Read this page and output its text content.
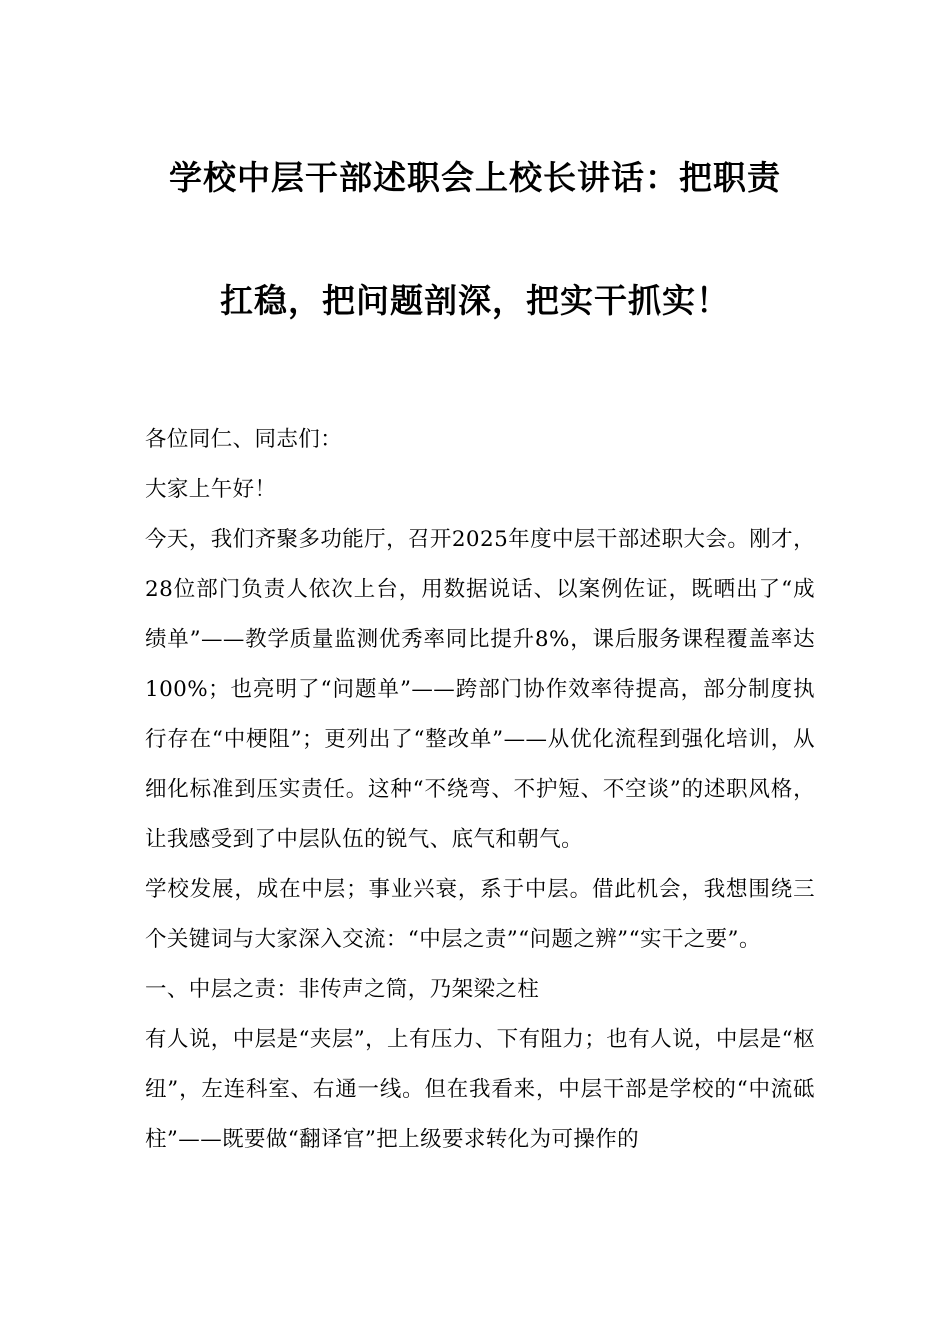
学校中层干部述职会上校长讲话：把职责
扛稳，把问题剖深，把实干抓实！

各位同仁、同志们：

大家上午好！

今天，我们齐聚多功能厅，召开2025年度中层干部述职大会。刚才，28位部门负责人依次上台，用数据说话、以案例佐证，既晒出了“成绩单”——教学质量监测优秀率同比提升8%，课后服务课程覆盖率达100%；也亮明了“问题单”——跨部门协作效率待提高，部分制度执行存在“中梗阻”；更列出了“整改单”——从优化流程到强化培训，从细化标准到压实责任。这种“不绕弯、不护短、不空谈”的述职风格，让我感受到了中层队伍的锐气、底气和朝气。

学校发展，成在中层；事业兴衰，系于中层。借此机会，我想围绕三个关键词与大家深入交流：“中层之责”“问题之辨”“实干之要”。

一、中层之责：非传声之筒，乃架梁之柱

有人说，中层是“夹层”，上有压力、下有阻力；也有人说，中层是“枢纽”，左连科室、右通一线。但在我看来，中层干部是学校的“中流砥柱”——既要做“翻译官”把上级要求转化为可操作的
